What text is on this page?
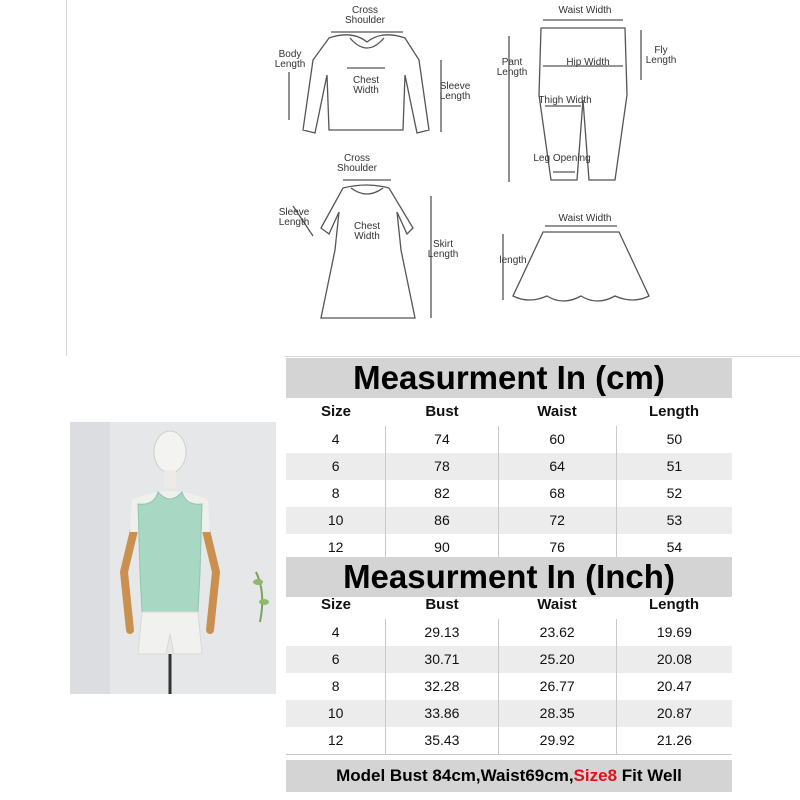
Cross
Shoulder
Body
Length
Chest
Width	Sleeve
Length
Waist Width
Pant
Length
Fly
Length
Hip Width
Thigh Width
Leg Opening
Cross
Shoulder
Sleeve
Length	Chest
Width
Skirt
Length
Waist Width
length
Measurment In (cm)
Size	Bust	Waist	Length
4	74	60	50
6	78	64	51
8	82	68	52
10	86	72	53
12	90	76	54
Measurment In (Inch)
Size	Bust	Waist	Length
4	29.13	23.62	19.69
6	30.71	25.20	20.08
8	32.28	26.77	20.47
10	33.86	28.35	20.87
12	35.43	29.92	21.26
Model Bust 84cm,Waist69cm,Size8 Fit Well
